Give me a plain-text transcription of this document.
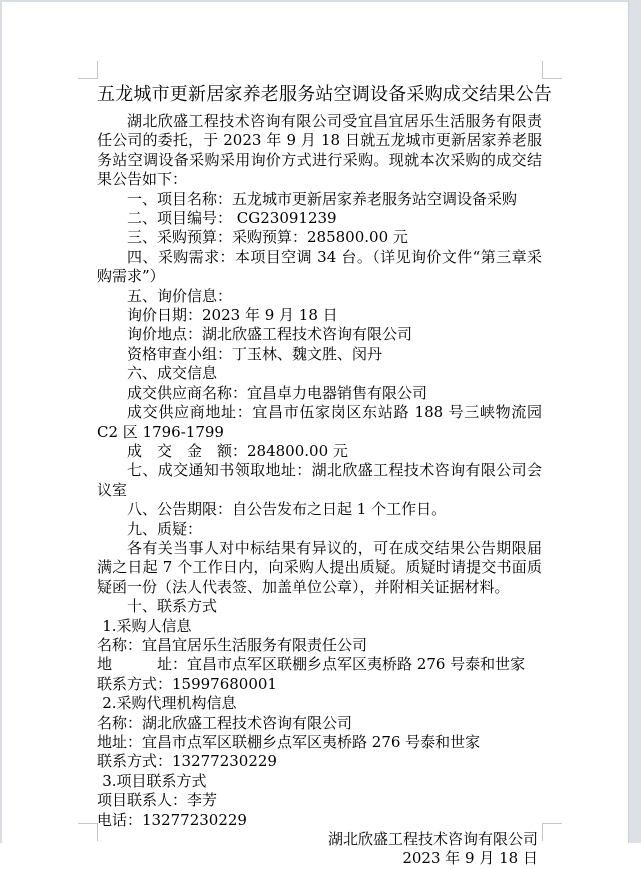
五龙城市更新居家养老服务站空调设备采购成交结果公告

湖北欣盛工程技术咨询有限公司受宜昌宜居乐生活服务有限责任公司的委托，于 2023 年 9 月 18 日就五龙城市更新居家养老服务站空调设备采购采用询价方式进行采购。现就本次采购的成交结果公告如下：

一、项目名称：五龙城市更新居家养老服务站空调设备采购

二、项目编号： CG23091239

三、采购预算：采购预算：285800.00 元

四、采购需求：本项目空调 34 台。（详见询价文件“第三章采购需求”）

五、询价信息：

询价日期：2023 年 9 月 18 日

询价地点：湖北欣盛工程技术咨询有限公司

资格审查小组：丁玉林、魏文胜、闵丹

六、成交信息

成交供应商名称：宜昌卓力电器销售有限公司

成交供应商地址：宜昌市伍家岗区东站路 188 号三峡物流园 C2 区 1796-1799

成　交　金　额：284800.00 元

七、成交通知书领取地址：湖北欣盛工程技术咨询有限公司会议室

八、公告期限：自公告发布之日起 1 个工作日。

九、质疑：

各有关当事人对中标结果有异议的，可在成交结果公告期限届满之日起 7 个工作日内，向采购人提出质疑。质疑时请提交书面质疑函一份（法人代表签、加盖单位公章），并附相关证据材料。

十、联系方式

1.采购人信息

名称：宜昌宜居乐生活服务有限责任公司

地　　　址：宜昌市点军区联棚乡点军区夷桥路 276 号泰和世家

联系方式：15997680001

2.采购代理机构信息

名称：湖北欣盛工程技术咨询有限公司

地址：宜昌市点军区联棚乡点军区夷桥路 276 号泰和世家

联系方式：13277230229

3.项目联系方式

项目联系人：李芳

电话：13277230229

湖北欣盛工程技术咨询有限公司

2023 年 9 月 18 日
